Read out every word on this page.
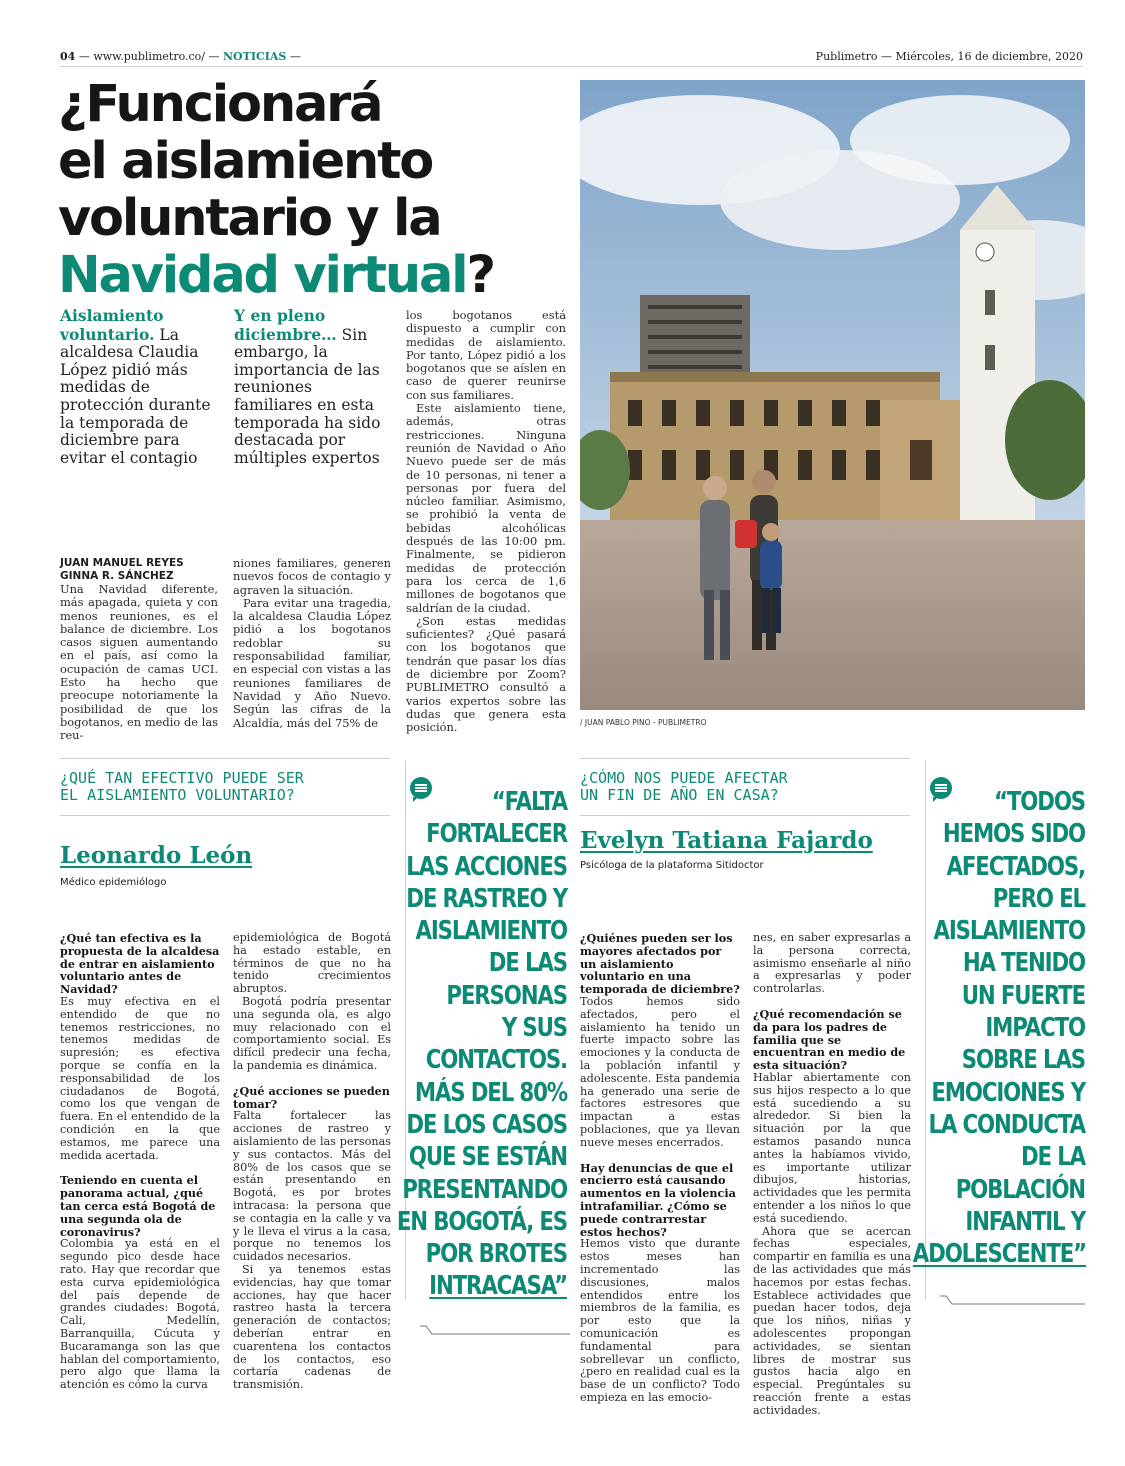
04 — www.publimetro.co/ — NOTICIAS —	Publimetro — Miércoles, 16 de diciembre, 2020
¿Funcionará
el aislamiento
voluntario y la
Navidad virtual?
Aislamiento voluntario. La alcaldesa Claudia López pidió más medidas de protección durante la temporada de diciembre para evitar el contagio
Y en pleno diciembre… Sin embargo, la importancia de las reuniones familiares en esta temporada ha sido destacada por múltiples expertos
JUAN MANUEL REYES
GINNA R. SÁNCHEZ

Una Navidad diferente, más apagada, quieta y con menos reuniones, es el balance de diciembre. Los casos siguen aumentando en el país, así como la ocupación de camas UCI. Esto ha hecho que preocupe notoriamente la posibilidad de que los bogotanos, en medio de las reu-

niones familiares, generen nuevos focos de contagio y agraven la situación.

Para evitar una tragedia, la alcaldesa Claudia López pidió a los bogotanos redoblar su responsabilidad familiar, en especial con vistas a las reuniones familiares de Navidad y Año Nuevo. Según las cifras de la Alcaldía, más del 75% de

los bogotanos está dispuesto a cumplir con medidas de aislamiento. Por tanto, López pidió a los bogotanos que se aíslen en caso de querer reunirse con sus familiares.

Este aislamiento tiene, además, otras restricciones. Ninguna reunión de Navidad o Año Nuevo puede ser de más de 10 personas, ni tener a personas por fuera del núcleo familiar. Asimismo, se prohibió la venta de bebidas alcohólicas después de las 10:00 pm. Finalmente, se pidieron medidas de protección para los cerca de 1,6 millones de bogotanos que saldrían de la ciudad.

¿Son estas medidas suficientes? ¿Qué pasará con los bogotanos que tendrán que pasar los días de diciembre por Zoom? PUBLIMETRO consultó a varios expertos sobre las dudas que genera esta posición.	/ JUAN PABLO PINO - PUBLIMETRO
¿QUÉ TAN EFECTIVO PUEDE SER
EL AISLAMIENTO VOLUNTARIO?
Leonardo León
Médico epidemiólogo
¿Qué tan efectiva es la propuesta de la alcaldesa de entrar en aislamiento voluntario antes de Navidad?

Es muy efectiva en el entendido de que no tenemos restricciones, no tenemos medidas de supresión; es efectiva porque se confía en la responsabilidad de los ciudadanos de Bogotá, como los que vengan de fuera. En el entendido de la condición en la que estamos, me parece una medida acertada.

Teniendo en cuenta el panorama actual, ¿qué tan cerca está Bogotá de una segunda ola de coronavirus?

Colombia ya está en el segundo pico desde hace rato. Hay que recordar que esta curva epidemiológica del país depende de grandes ciudades: Bogotá, Cali, Medellín, Barranquilla, Cúcuta y Bucaramanga son las que hablan del comportamiento, pero algo que llama la atención es cómo la curva

epidemiológica de Bogotá ha estado estable, en términos de que no ha tenido crecimientos abruptos.

Bogotá podría presentar una segunda ola, es algo muy relacionado con el comportamiento social. Es difícil predecir una fecha, la pandemia es dinámica.

¿Qué acciones se pueden tomar?

Falta fortalecer las acciones de rastreo y aislamiento de las personas y sus contactos. Más del 80% de los casos que se están presentando en Bogotá, es por brotes intracasa: la persona que se contagia en la calle y va y le lleva el virus a la casa, porque no tenemos los cuidados necesarios.

Si ya tenemos estas evidencias, hay que tomar acciones, hay que hacer rastreo hasta la tercera generación de contactos; deberían entrar en cuarentena los contactos de los contactos, eso cortaría cadenas de transmisión.

“FALTA
FORTALECER
LAS ACCIONES
DE RASTREO Y
AISLAMIENTO
DE LAS
PERSONAS
Y SUS
CONTACTOS.
MÁS DEL 80%
DE LOS CASOS
QUE SE ESTÁN
PRESENTANDO
EN BOGOTÁ, ES
POR BROTES
INTRACASA”
¿CÓMO NOS PUEDE AFECTAR
UN FIN DE AÑO EN CASA?
Evelyn Tatiana Fajardo
Psicóloga de la plataforma Sitidoctor
¿Quiénes pueden ser los mayores afectados por un aislamiento voluntario en una temporada de diciembre?

Todos hemos sido afectados, pero el aislamiento ha tenido un fuerte impacto sobre las emociones y la conducta de la población infantil y adolescente. Esta pandemia ha generado una serie de factores estresores que impactan a estas poblaciones, que ya llevan nueve meses encerrados.

Hay denuncias de que el encierro está causando aumentos en la violencia intrafamiliar. ¿Cómo se puede contrarrestar estos hechos?

Hemos visto que durante estos meses han incrementado las discusiones, malos entendidos entre los miembros de la familia, es por esto que la comunicación es fundamental para sobrellevar un conflicto, ¿pero en realidad cual es la base de un conflicto? Todo empieza en las emocio-

nes, en saber expresarlas a la persona correcta, asimismo enseñarle al niño a expresarlas y poder controlarlas.

¿Qué recomendación se da para los padres de familia que se encuentran en medio de esta situación?

Hablar abiertamente con sus hijos respecto a lo que está sucediendo a su alrededor. Si bien la situación por la que estamos pasando nunca antes la habíamos vivido, es importante utilizar dibujos, historias, actividades que les permita entender a los niños lo que está sucediendo.

Ahora que se acercan fechas especiales, compartir en familia es una de las actividades que más hacemos por estas fechas. Establece actividades que puedan hacer todos, deja que los niños, niñas y adolescentes propongan actividades, se sientan libres de mostrar sus gustos hacia algo en especial. Pregúntales su reacción frente a estas actividades.

“TODOS
HEMOS SIDO
AFECTADOS,
PERO EL
AISLAMIENTO
HA TENIDO
UN FUERTE
IMPACTO
SOBRE LAS
EMOCIONES Y
LA CONDUCTA
DE LA
POBLACIÓN
INFANTIL Y
ADOLESCENTE”
